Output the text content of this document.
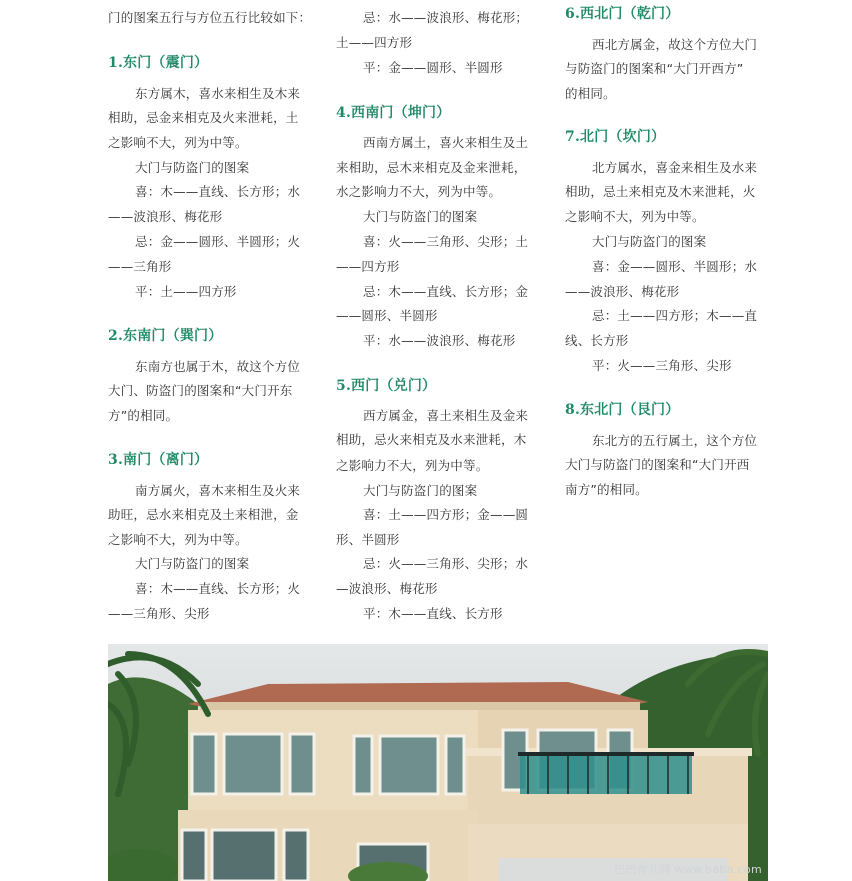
门的图案五行与方位五行比较如下：
1.东门（震门）
东方属木，喜水来相生及木来
相助，忌金来相克及火来泄耗，土
之影响不大，列为中等。
大门与防盗门的图案
喜：木——直线、长方形；水
——波浪形、梅花形
忌：金——圆形、半圆形；火
——三角形
平：土——四方形
2.东南门（巽门）
东南方也属于木，故这个方位
大门、防盗门的图案和“大门开东
方”的相同。
3.南门（离门）
南方属火，喜木来相生及火来
助旺，忌水来相克及土来相泄，金
之影响不大，列为中等。
大门与防盗门的图案
喜：木——直线、长方形；火
——三角形、尖形
忌：水——波浪形、梅花形；
土——四方形
平：金——圆形、半圆形
4.西南门（坤门）
西南方属土，喜火来相生及土
来相助，忌木来相克及金来泄耗，
水之影响力不大，列为中等。
大门与防盗门的图案
喜：火——三角形、尖形；土
——四方形
忌：木——直线、长方形；金
——圆形、半圆形
平：水——波浪形、梅花形
5.西门（兑门）
西方属金，喜土来相生及金来
相助，忌火来相克及水来泄耗，木
之影响力不大，列为中等。
大门与防盗门的图案
喜：土——四方形；金——圆
形、半圆形
忌：火——三角形、尖形；水
—波浪形、梅花形
平：木——直线、长方形
6.西北门（乾门）
西北方属金，故这个方位大门
与防盗门的图案和“大门开西方”
的相同。
7.北门（坎门）
北方属水，喜金来相生及水来
相助，忌土来相克及木来泄耗，火
之影响不大，列为中等。
大门与防盗门的图案
喜：金——圆形、半圆形；水
——波浪形、梅花形
忌：土——四方形；木——直
线、长方形
平：火——三角形、尖形
8.东北门（艮门）
东北方的五行属土，这个方位
大门与防盗门的图案和“大门开西
南方”的相同。
巴巴育儿网 www.baba.com
